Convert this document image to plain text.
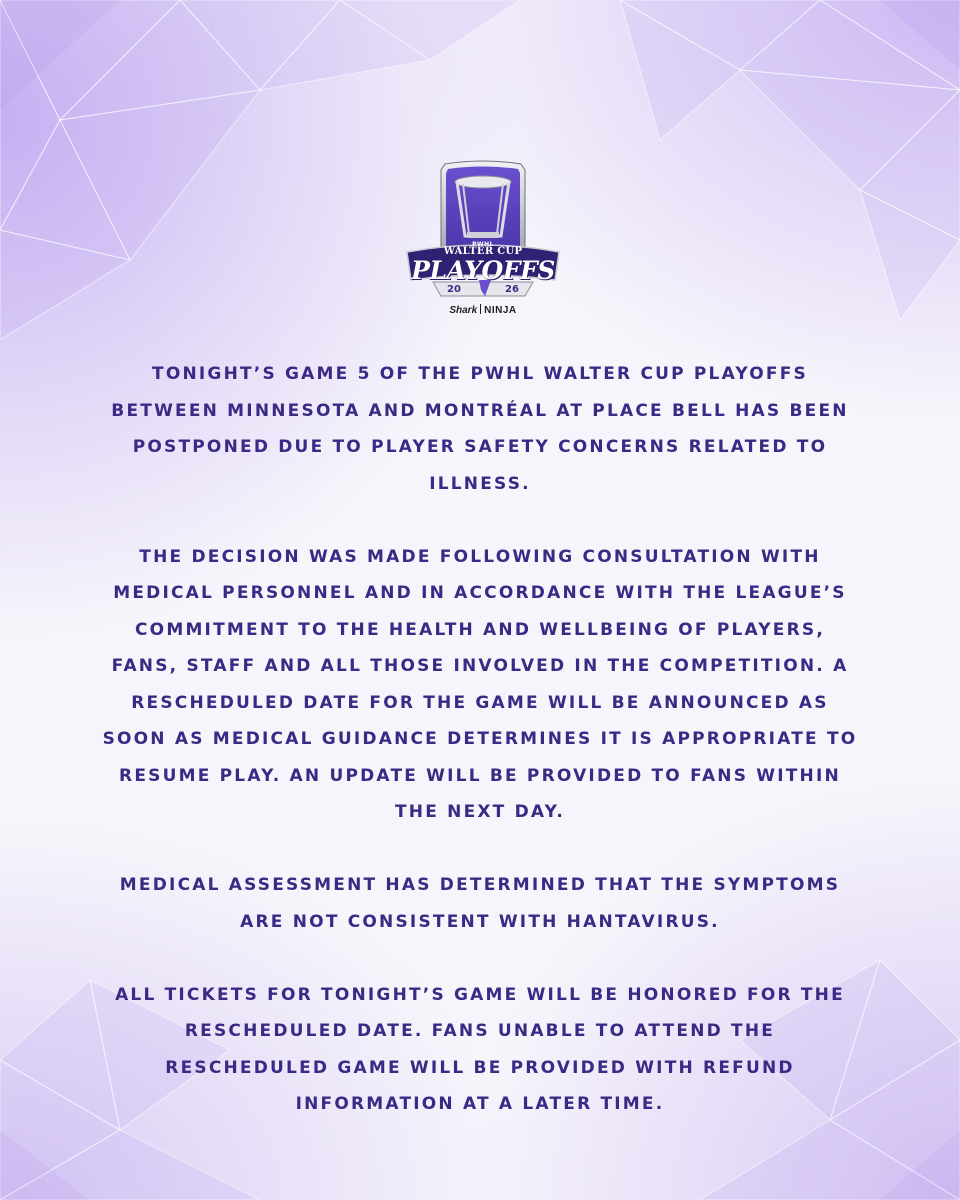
PWHL
WALTER CUP
PLAYOFFS
20	26
Shark NINJA

TONIGHT’S GAME 5 OF THE PWHL WALTER CUP PLAYOFFS BETWEEN MINNESOTA AND MONTRÉAL AT PLACE BELL HAS BEEN POSTPONED DUE TO PLAYER SAFETY CONCERNS RELATED TO ILLNESS.

THE DECISION WAS MADE FOLLOWING CONSULTATION WITH MEDICAL PERSONNEL AND IN ACCORDANCE WITH THE LEAGUE’S COMMITMENT TO THE HEALTH AND WELLBEING OF PLAYERS, FANS, STAFF AND ALL THOSE INVOLVED IN THE COMPETITION. A RESCHEDULED DATE FOR THE GAME WILL BE ANNOUNCED AS SOON AS MEDICAL GUIDANCE DETERMINES IT IS APPROPRIATE TO RESUME PLAY. AN UPDATE WILL BE PROVIDED TO FANS WITHIN THE NEXT DAY.

MEDICAL ASSESSMENT HAS DETERMINED THAT THE SYMPTOMS ARE NOT CONSISTENT WITH HANTAVIRUS.

ALL TICKETS FOR TONIGHT’S GAME WILL BE HONORED FOR THE RESCHEDULED DATE. FANS UNABLE TO ATTEND THE RESCHEDULED GAME WILL BE PROVIDED WITH REFUND INFORMATION AT A LATER TIME.
